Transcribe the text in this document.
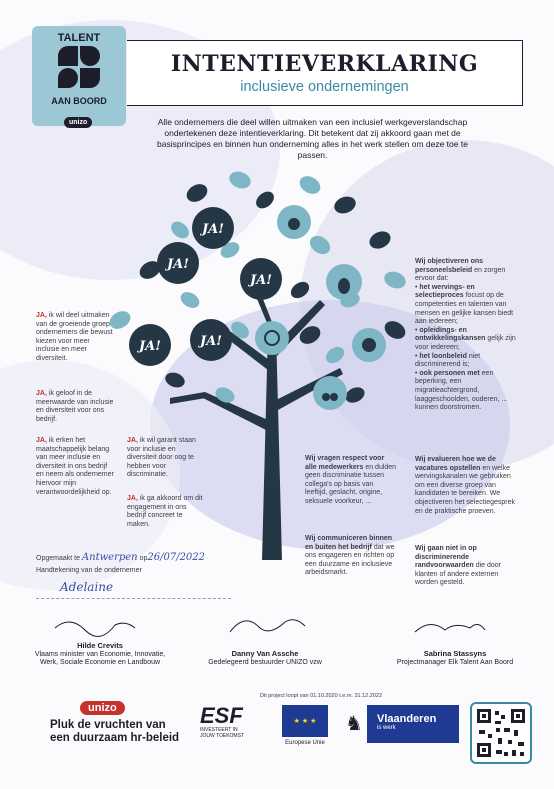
TALENT
AAN BOORD
unizo
INTENTIEVERKLARING
inclusieve ondernemingen
Alle ondernemers die deel willen uitmaken van een inclusief werkgeverslandschap ondertekenen deze intentieverklaring. Dit betekent dat zij akkoord gaan met de basisprincipes en binnen hun onderneming alles in het werk stellen om deze toe te passen.
JA!
JA!
JA!
JA!	JA!
JA, ik wil deel uitmaken van de groeiende groep ondernemers die bewust kiezen voor meer inclusie en meer diversiteit.
JA, ik geloof in de meerwaarde van inclusie en diversiteit voor ons bedrijf.
JA, ik erken het maatschappelijk belang van meer inclusie en diversiteit in ons bedrijf en neem als ondernemer hiervoor mijn verantwoordelijkheid op.
JA, ik wil garant staan voor inclusie en diversiteit door oog te hebben voor discriminatie.
JA, ik ga akkoord om dit engagement in ons bedrijf concreet te maken.
Wij vragen respect voor alle medewerkers en dulden geen discriminatie tussen collega's op basis van leeftijd, geslacht, origine, seksuele voorkeur, ...
Wij communiceren binnen en buiten het bedrijf dat we ons engageren en richten op een duurzame en inclusieve arbeidsmarkt.
Wij objectiveren ons personeelsbeleid en zorgen ervoor dat:
• het wervings- en selectieproces focust op de competenties en talenten van mensen en gelijke kansen biedt aan iedereen;
• opleidings- en ontwikkelingskansen gelijk zijn voor iedereen;
• het loonbeleid niet discriminerend is;
• ook personen met een beperking, een migratieachtergrond, laaggeschoolden, ouderen, ... kunnen doorstromen.
Wij evalueren hoe we de vacatures opstellen en welke wervingskanalen we gebruiken om een diverse groep van kandidaten te bereiken. We objectiveren het selectiegesprek en de praktische proeven.
Wij gaan niet in op discriminerende randvoorwaarden die door klanten of andere externen worden gesteld.
Opgemaakt te Antwerpen op26/07/2022
Handtekening van de ondernemer
Adelaine
Hilde Crevits
Vlaams minister van Economie, Innovatie, Werk, Sociale Economie en Landbouw
Danny Van Assche
Gedelegeerd bestuurder UNIZO vzw
Sabrina Stassyns
Projectmanager Elk Talent Aan Boord
Dit project loopt van 01.10.2020 t.e.m. 31.12.2022
unizo
Pluk de vruchten van
een duurzaam hr-beleid
ESF
INVESTEERT IN
JOUW TOEKOMST
★ ★ ★
Europese Unie
♞ Vlaanderen
is werk
